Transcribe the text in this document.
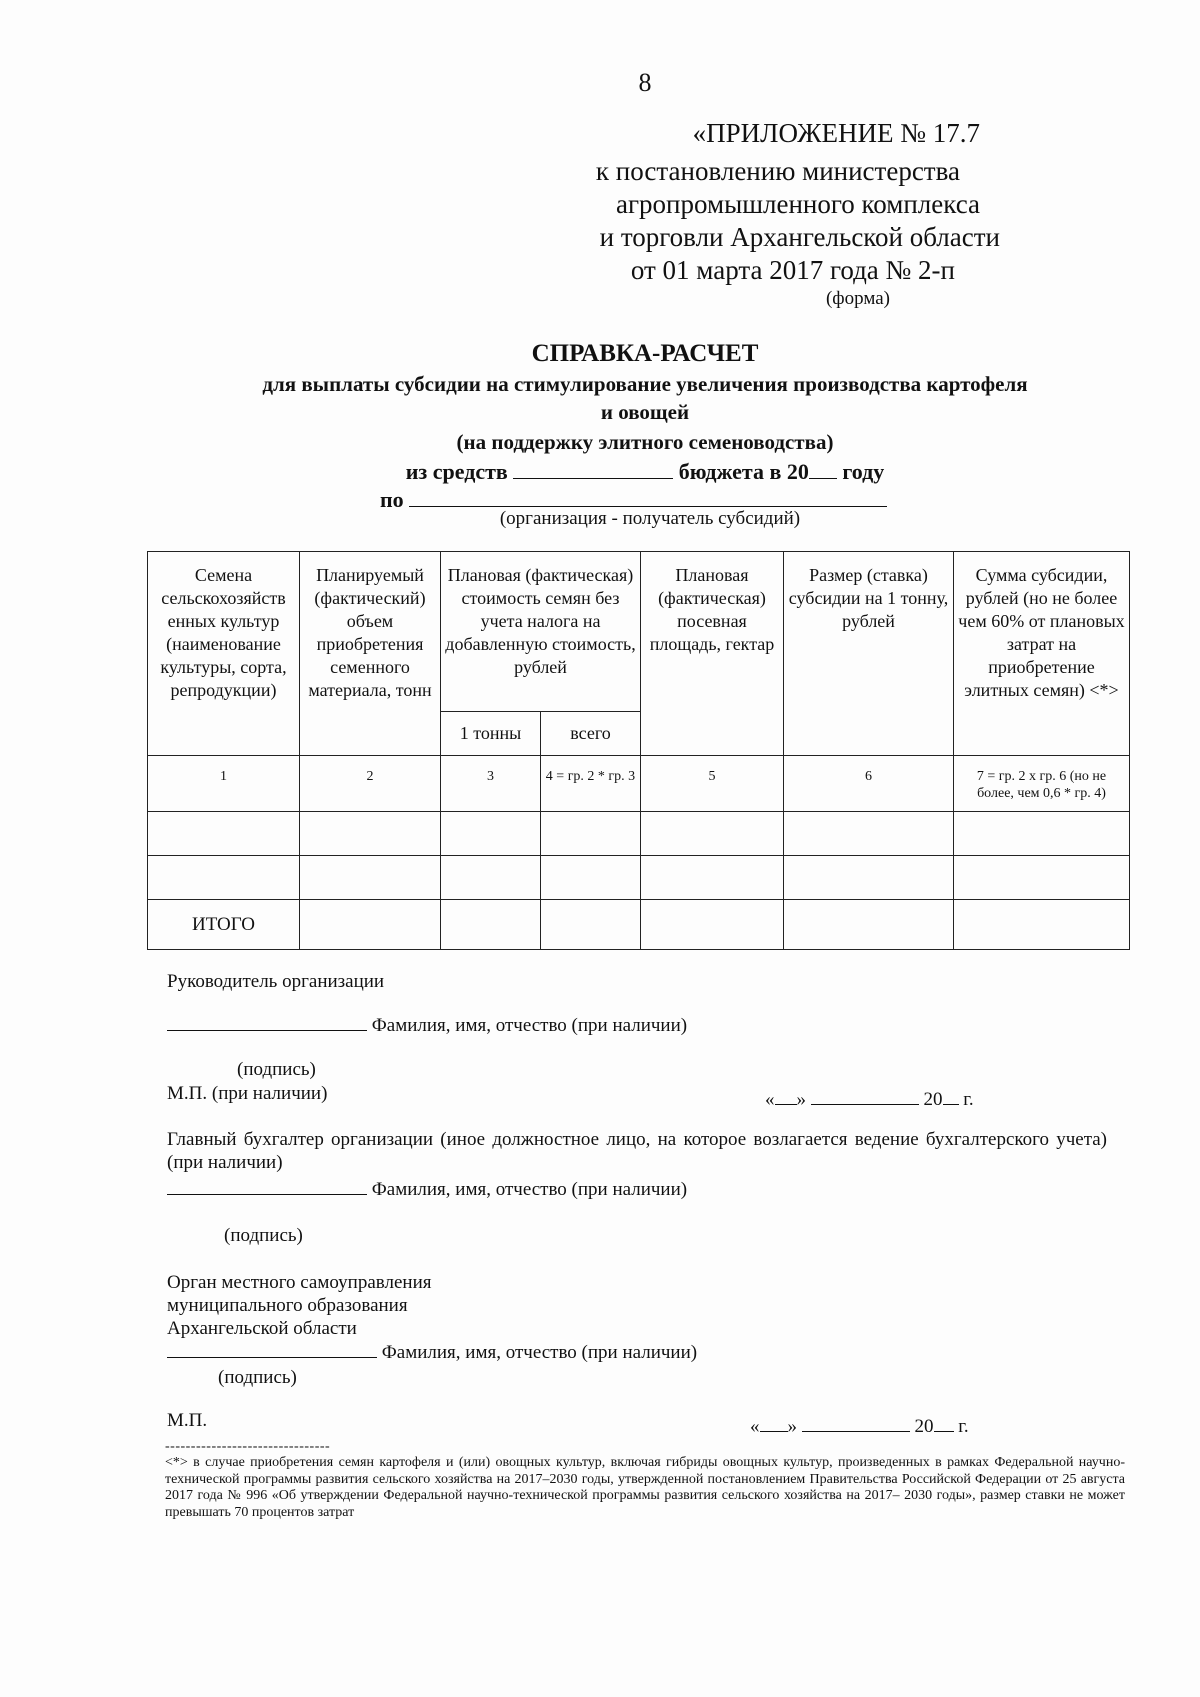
8
«ПРИЛОЖЕНИЕ № 17.7
к постановлению министерства
агропромышленного комплекса
и торговли Архангельской области
от 01 марта 2017 года № 2-п
(форма)
СПРАВКА-РАСЧЕТ
для выплаты субсидии на стимулирование увеличения производства картофеля
и овощей
(на поддержку элитного семеноводства)
из средств	бюджета в 20 году
по
(организация - получатель субсидий)
Семена сельскохозяйств енных культур (наименование культуры, сорта, репродукции)	Планируемый (фактический) объем приобретения семенного материала, тонн	Плановая (фактическая) стоимость семян без учета налога на добавленную стоимость, рублей		Плановая (фактическая) посевная площадь, гектар	Размер (ставка) субсидии на 1 тонну, рублей	Сумма субсидии, рублей (но не более чем 60% от плановых затрат на приобретение элитных семян) <*>
		1 тонны	всего			
1	2	3	4 = гр. 2 * гр. 3	5	6	7 = гр. 2 х гр. 6 (но не более, чем 0,6 * гр. 4)

ИТОГО						
Руководитель организации
Фамилия, имя, отчество (при наличии)
(подпись)
М.П. (при наличии)	« »	20 г.
Главный бухгалтер организации (иное должностное лицо, на которое возлагается ведение бухгалтерского учета) (при наличии)
Фамилия, имя, отчество (при наличии)
(подпись)
Орган местного самоуправления
муниципального образования
Архангельской области
Фамилия, имя, отчество (при наличии)
(подпись)
М.П.	« »	20 г.
--------------------------------
<*> в случае приобретения семян картофеля и (или) овощных культур, включая гибриды овощных культур, произведенных в рамках Федеральной научно-технической программы развития сельского хозяйства на 2017–2030 годы, утвержденной постановлением Правительства Российской Федерации от 25 августа 2017 года № 996 «Об утверждении Федеральной научно-технической программы развития сельского хозяйства на 2017– 2030 годы», размер ставки не может превышать 70 процентов затрат
